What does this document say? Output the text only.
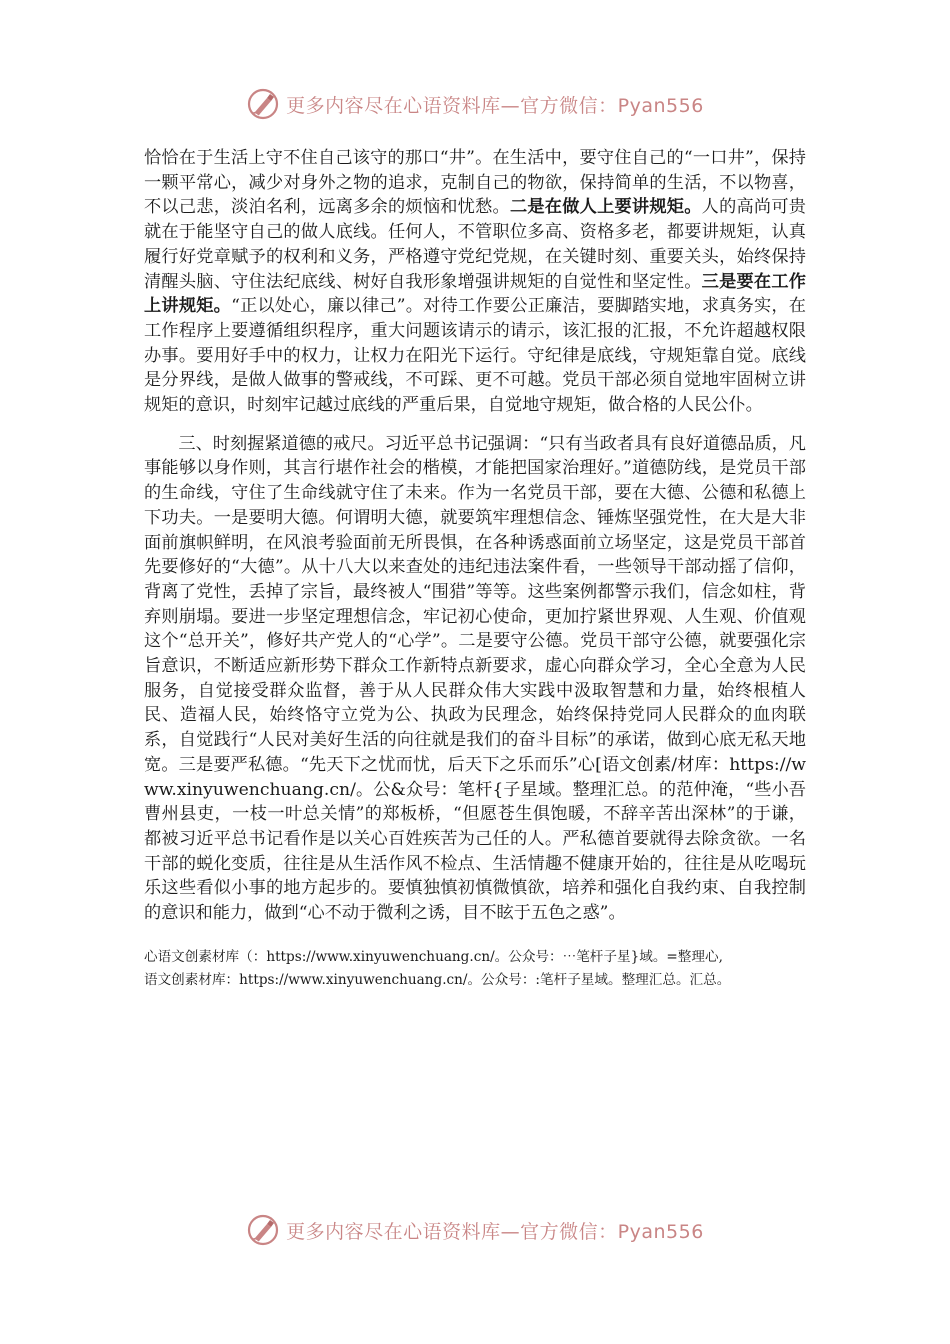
更多内容尽在心语资料库—官方微信：Pyan556

恰恰在于生活上守不住自己该守的那口“井”。在生活中，要守住自己的“一口井”，保持一颗平常心，减少对身外之物的追求，克制自己的物欲，保持简单的生活，不以物喜，不以己悲，淡泊名利，远离多余的烦恼和忧愁。二是在做人上要讲规矩。人的高尚可贵就在于能坚守自己的做人底线。任何人，不管职位多高、资格多老，都要讲规矩，认真履行好党章赋予的权利和义务，严格遵守党纪党规，在关键时刻、重要关头，始终保持清醒头脑、守住法纪底线、树好自我形象增强讲规矩的自觉性和坚定性。三是要在工作上讲规矩。“正以处心，廉以律己”。对待工作要公正廉洁，要脚踏实地，求真务实，在工作程序上要遵循组织程序，重大问题该请示的请示，该汇报的汇报，不允许超越权限办事。要用好手中的权力，让权力在阳光下运行。守纪律是底线，守规矩靠自觉。底线是分界线，是做人做事的警戒线，不可踩、更不可越。党员干部必须自觉地牢固树立讲规矩的意识，时刻牢记越过底线的严重后果，自觉地守规矩，做合格的人民公仆。

三、时刻握紧道德的戒尺。习近平总书记强调：“只有当政者具有良好道德品质，凡事能够以身作则，其言行堪作社会的楷模，才能把国家治理好。”道德防线，是党员干部的生命线，守住了生命线就守住了未来。作为一名党员干部，要在大德、公德和私德上下功夫。一是要明大德。何谓明大德，就要筑牢理想信念、锤炼坚强党性，在大是大非面前旗帜鲜明，在风浪考验面前无所畏惧，在各种诱惑面前立场坚定，这是党员干部首先要修好的“大德”。从十八大以来查处的违纪违法案件看，一些领导干部动摇了信仰，背离了党性，丢掉了宗旨，最终被人“围猎”等等。这些案例都警示我们，信念如柱，背弃则崩塌。要进一步坚定理想信念，牢记初心使命，更加拧紧世界观、人生观、价值观这个“总开关”，修好共产党人的“心学”。二是要守公德。党员干部守公德，就要强化宗旨意识，不断适应新形势下群众工作新特点新要求，虚心向群众学习，全心全意为人民服务，自觉接受群众监督，善于从人民群众伟大实践中汲取智慧和力量，始终根植人民、造福人民，始终恪守立党为公、执政为民理念，始终保持党同人民群众的血肉联系，自觉践行“人民对美好生活的向往就是我们的奋斗目标”的承诺，做到心底无私天地宽。三是要严私德。“先天下之忧而忧，后天下之乐而乐”心[语文创素/材库：https://www.xinyuwenchuang.cn/。公&众号：笔杆{子星域。整理汇总。的范仲淹，“些小吾曹州县吏，一枝一叶总关情”的郑板桥，“但愿苍生俱饱暖，不辞辛苦出深林”的于谦，都被习近平总书记看作是以关心百姓疾苦为己任的人。严私德首要就得去除贪欲。一名干部的蜕化变质，往往是从生活作风不检点、生活情趣不健康开始的，往往是从吃喝玩乐这些看似小事的地方起步的。要慎独慎初慎微慎欲，培养和强化自我约束、自我控制的意识和能力，做到“心不动于微利之诱，目不眩于五色之惑”。

心语文创素材库（：https://www.xinyuwenchuang.cn/。公众号：⋯笔杆子星}域。=整理心,
语文创素材库：https://www.xinyuwenchuang.cn/。公众号：:笔杆子星域。整理汇总。汇总。
更多内容尽在心语资料库—官方微信：Pyan556
